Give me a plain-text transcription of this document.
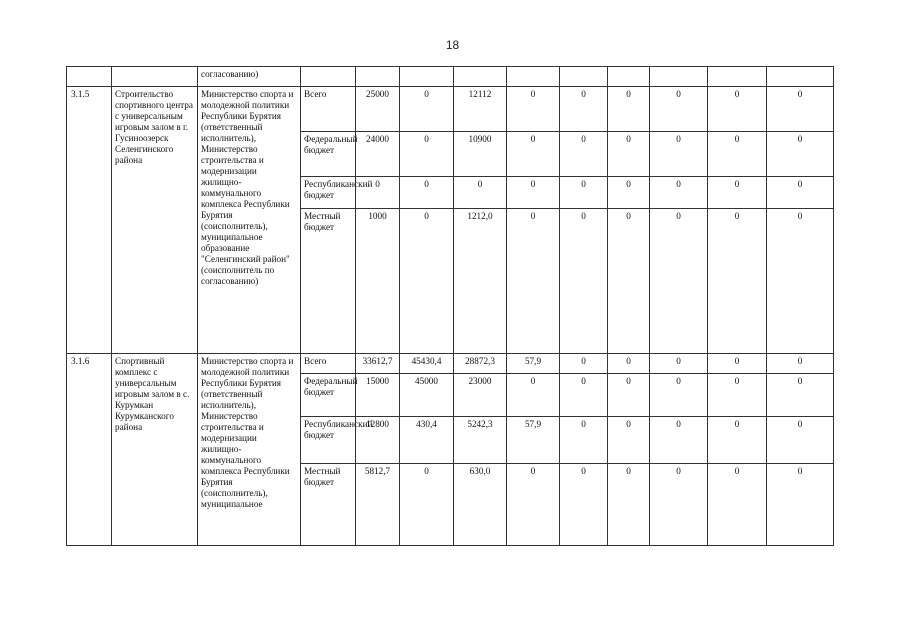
18
		согласованию)										
3.1.5	Строительство спортивного центра с универсальным игровым залом в г. Гусиноозерск Селенгинского района	Министерство спорта и молодежной политики Республики Бурятия (ответственный исполнитель), Министерство строительства и модернизации жилищно-коммунального комплекса Республики Бурятия (соисполнитель), муниципальное образование "Селенгинский район" (соисполнитель по согласованию)	Всего	25000	0	12112	0	0	0	0	0	0
			Федеральный бюджет	24000	0	10900	0	0	0	0	0	0
			Республиканский бюджет	0	0	0	0	0	0	0	0	0
			Местный бюджет	1000	0	1212,0	0	0	0	0	0	0
3.1.6	Спортивный комплекс с универсальным игровым залом в с. Курумкан Курумканского района	Министерство спорта и молодежной политики Республики Бурятия (ответственный исполнитель), Министерство строительства и модернизации жилищно-коммунального комплекса Республики Бурятия (соисполнитель), муниципальное	Всего	33612,7	45430,4	28872,3	57,9	0	0	0	0	0
			Федеральный бюджет	15000	45000	23000	0	0	0	0	0	0
			Республиканский бюджет	12800	430,4	5242,3	57,9	0	0	0	0	0
			Местный бюджет	5812,7	0	630,0	0	0	0	0	0	0
